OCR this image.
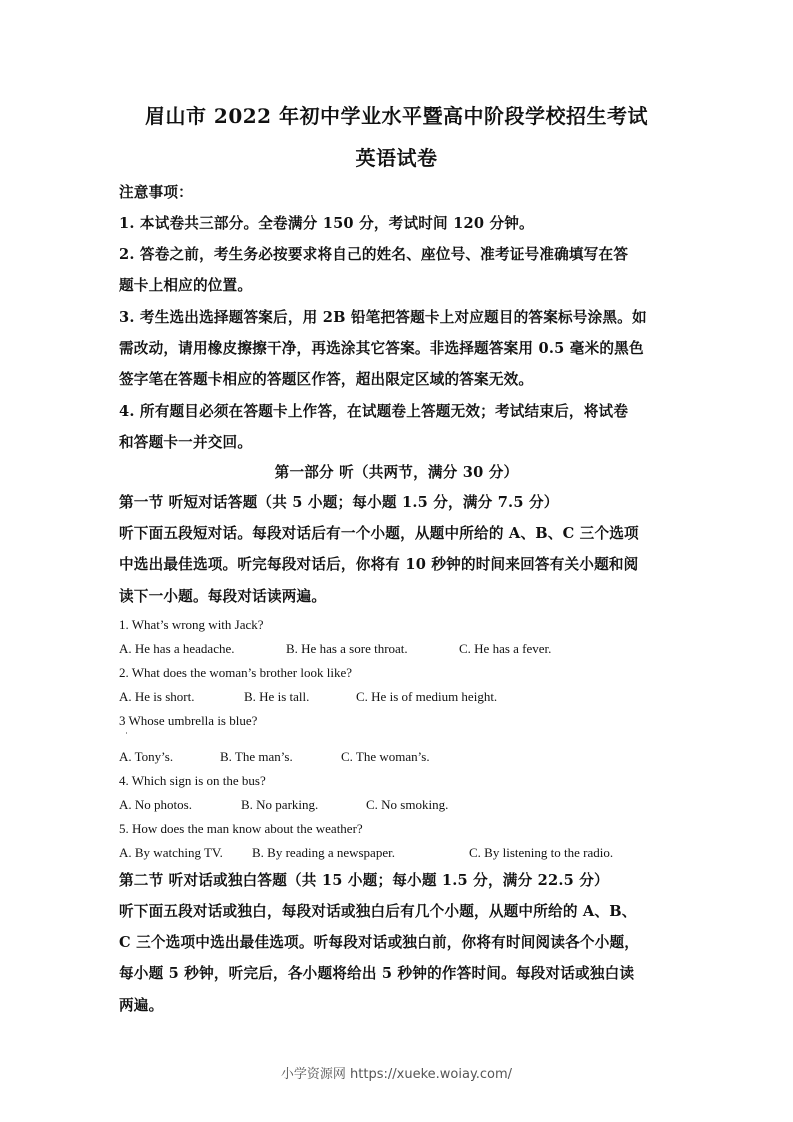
眉山市 2022 年初中学业水平暨高中阶段学校招生考试
英语试卷
注意事项：
1. 本试卷共三部分。全卷满分 150 分，考试时间 120 分钟。
2. 答卷之前，考生务必按要求将自己的姓名、座位号、准考证号准确填写在答
题卡上相应的位置。
3. 考生选出选择题答案后，用 2B 铅笔把答题卡上对应题目的答案标号涂黑。如
需改动，请用橡皮擦擦干净，再选涂其它答案。非选择题答案用 0.5 毫米的黑色
签字笔在答题卡相应的答题区作答，超出限定区域的答案无效。
4. 所有题目必须在答题卡上作答，在试题卷上答题无效；考试结束后，将试卷
和答题卡一并交回。
第一部分 听（共两节，满分 30 分）
第一节 听短对话答题（共 5 小题；每小题 1.5 分，满分 7.5 分）
听下面五段短对话。每段对话后有一个小题，从题中所给的 A、B、C 三个选项
中选出最佳选项。听完每段对话后，你将有 10 秒钟的时间来回答有关小题和阅
读下一小题。每段对话读两遍。
1. What’s wrong with Jack?
A. He has a headache.	B. He has a sore throat.	C. He has a fever.
2. What does the woman’s brother look like?
A. He is short.	B. He is tall.	C. He is of medium height.
3 Whose umbrella is blue?
A. Tony’s.	B. The man’s.	C. The woman’s.
4. Which sign is on the bus?
A. No photos.	B. No parking.	C. No smoking.
5. How does the man know about the weather?
A. By watching TV. B. By reading a newspaper.	C. By listening to the radio.
第二节 听对话或独白答题（共 15 小题；每小题 1.5 分，满分 22.5 分）
听下面五段对话或独白，每段对话或独白后有几个小题，从题中所给的 A、B、
C 三个选项中选出最佳选项。听每段对话或独白前，你将有时间阅读各个小题，
每小题 5 秒钟，听完后，各小题将给出 5 秒钟的作答时间。每段对话或独白读
两遍。
小学资源网 https://xueke.woiay.com/
